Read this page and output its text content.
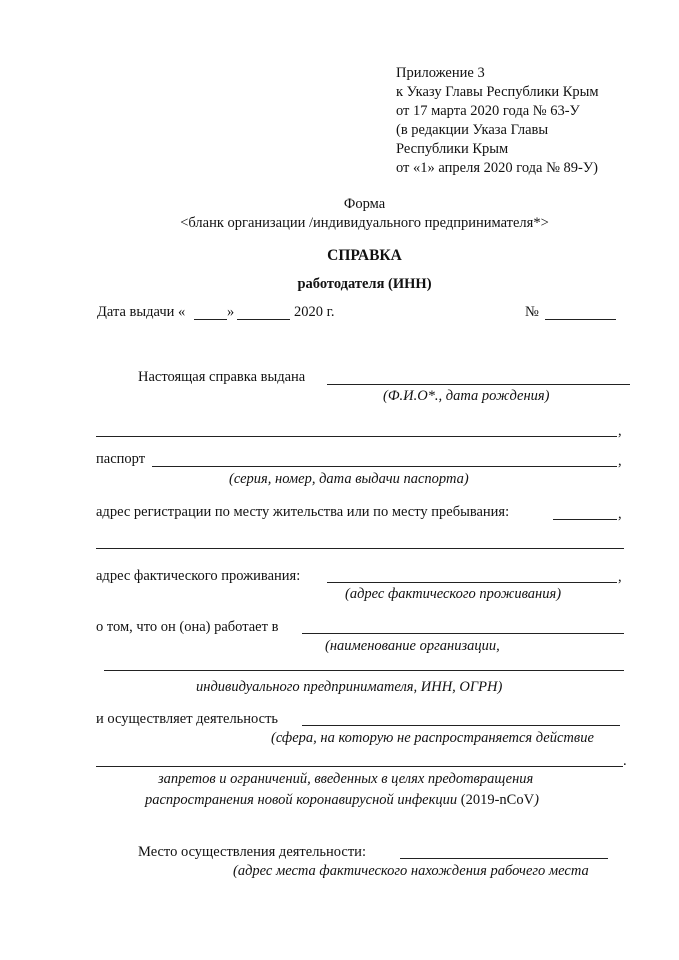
Приложение 3
к Указу Главы Республики Крым
от 17 марта 2020 года № 63-У
(в редакции Указа Главы
Республики Крым
от «1» апреля 2020 года № 89-У)
Форма
<бланк организации /индивидуального предпринимателя*>
СПРАВКА
работодателя (ИНН)
Дата выдачи «	»	2020 г.	№
Настоящая справка выдана
(Ф.И.О*., дата рождения)
,
паспорт	,
(серия, номер, дата выдачи паспорта)
адрес регистрации по месту жительства или по месту пребывания:	,
адрес фактического проживания:	,
(адрес фактического проживания)
о том, что он (она) работает в
(наименование организации,
индивидуального предпринимателя, ИНН, ОГРН)
и осуществляет деятельность
(сфера, на которую не распространяется действие
.
запретов и ограничений, введенных в целях предотвращения
распространения новой коронавирусной инфекции (2019-nCoV)
Место осуществления деятельности:
(адрес места фактического нахождения рабочего места
